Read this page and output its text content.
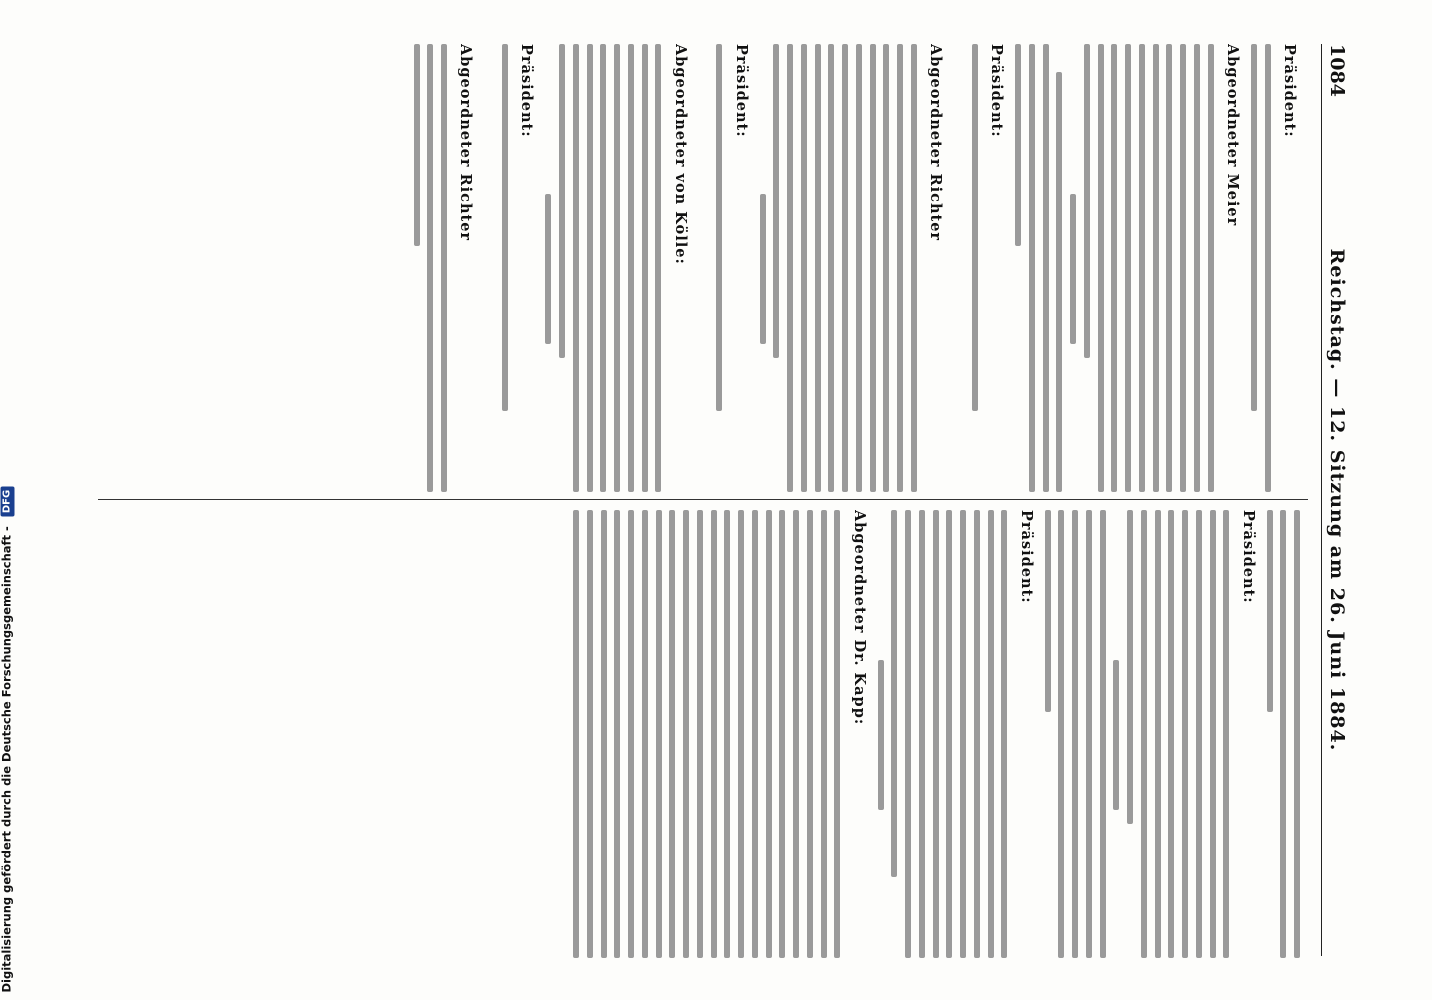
1084
Reichstag. — 12. Sitzung am 26. Juni 1884.
Präsident:
Abgeordneter Meier
Präsident:
Abgeordneter Richter
Präsident:
Abgeordneter von Kölle:
Präsident:
Abgeordneter Richter
Präsident:
Präsident:
Abgeordneter Dr. Kapp:
Digitalisierung gefördert durch die Deutsche Forschungsgemeinschaft - DFG
